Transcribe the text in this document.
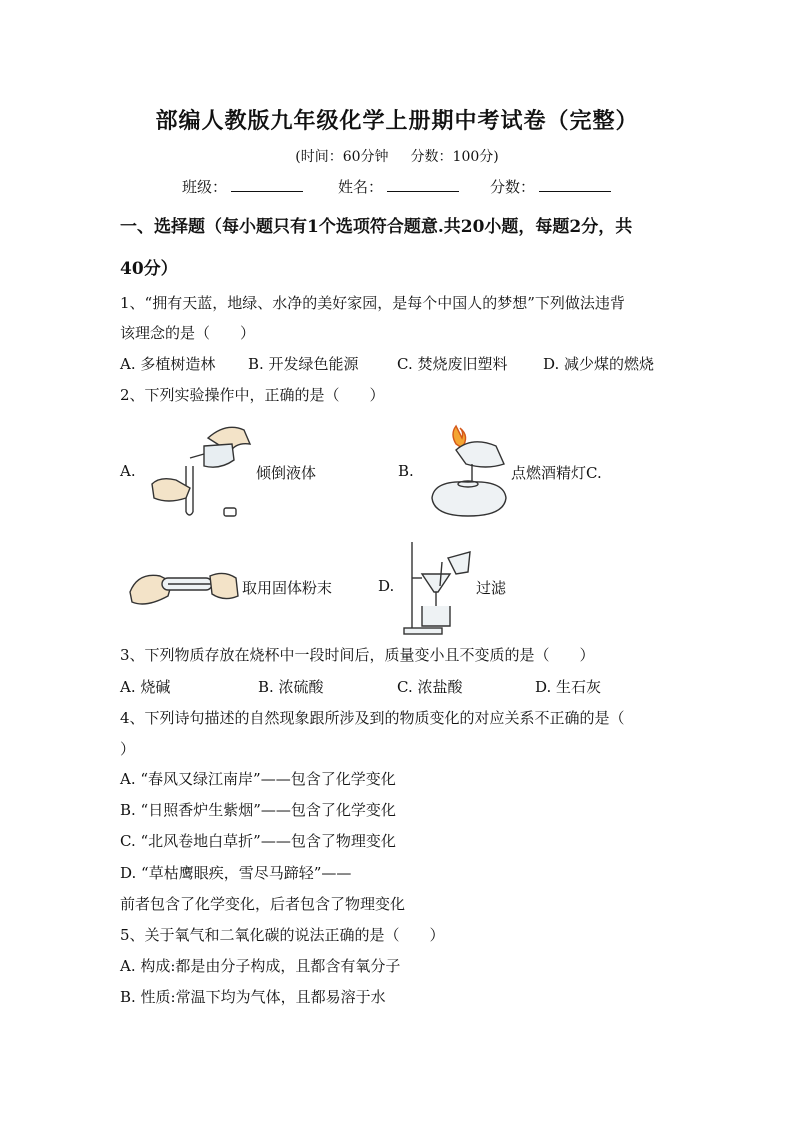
部编人教版九年级化学上册期中考试卷（完整）
(时间：60分钟 分数：100分)
班级：	姓名：	分数：
一、选择题（每小题只有1个选项符合题意.共20小题，每题2分，共
40分）
1、“拥有天蓝，地绿、水净的美好家园，是每个中国人的梦想”下列做法违背
该理念的是（　　）
A. 多植树造林 B. 开发绿色能源	C. 焚烧废旧塑料 D. 减少煤的燃烧
2、下列实验操作中，正确的是（　　）
A.	倾倒液体	B.	点燃酒精灯C.
取用固体粉末	D.	过滤
3、下列物质存放在烧杯中一段时间后，质量变小且不变质的是（　　）
A. 烧碱	B. 浓硫酸	C. 浓盐酸	D. 生石灰
4、下列诗句描述的自然现象跟所涉及到的物质变化的对应关系不正确的是（
）
A. “春风又绿江南岸”——包含了化学变化
B. “日照香炉生紫烟”——包含了化学变化
C. “北风卷地白草折”——包含了物理变化
D. “草枯鹰眼疾，雪尽马蹄轻”——
前者包含了化学变化，后者包含了物理变化
5、关于氧气和二氧化碳的说法正确的是（　　）
A. 构成:都是由分子构成，且都含有氧分子
B. 性质:常温下均为气体，且都易溶于水
